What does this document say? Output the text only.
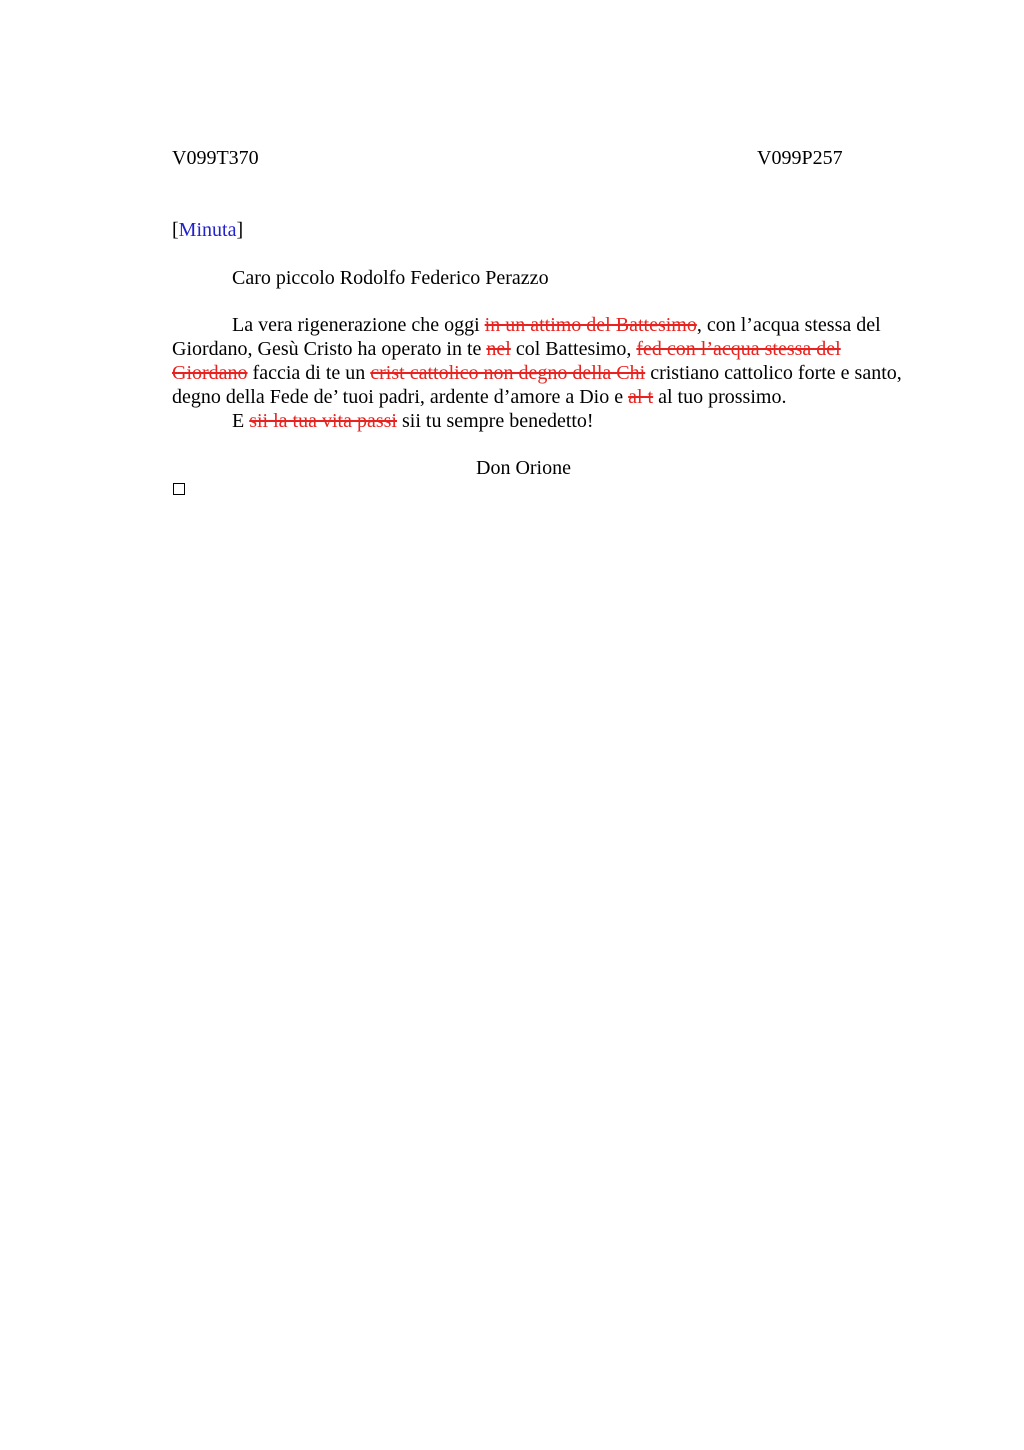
V099T370	V099P257
[Minuta]
Caro piccolo Rodolfo Federico Perazzo
La vera rigenerazione che oggi in un attimo del Battesimo, con l’acqua stessa del
Giordano, Gesù Cristo ha operato in te nel col Battesimo, fed con l’acqua stessa del
Giordano faccia di te un crist cattolico non degno della Chi cristiano cattolico forte e santo,
degno della Fede de’ tuoi padri, ardente d’amore a Dio e al t al tuo prossimo.
E sii la tua vita passi sii tu sempre benedetto!
Don Orione
